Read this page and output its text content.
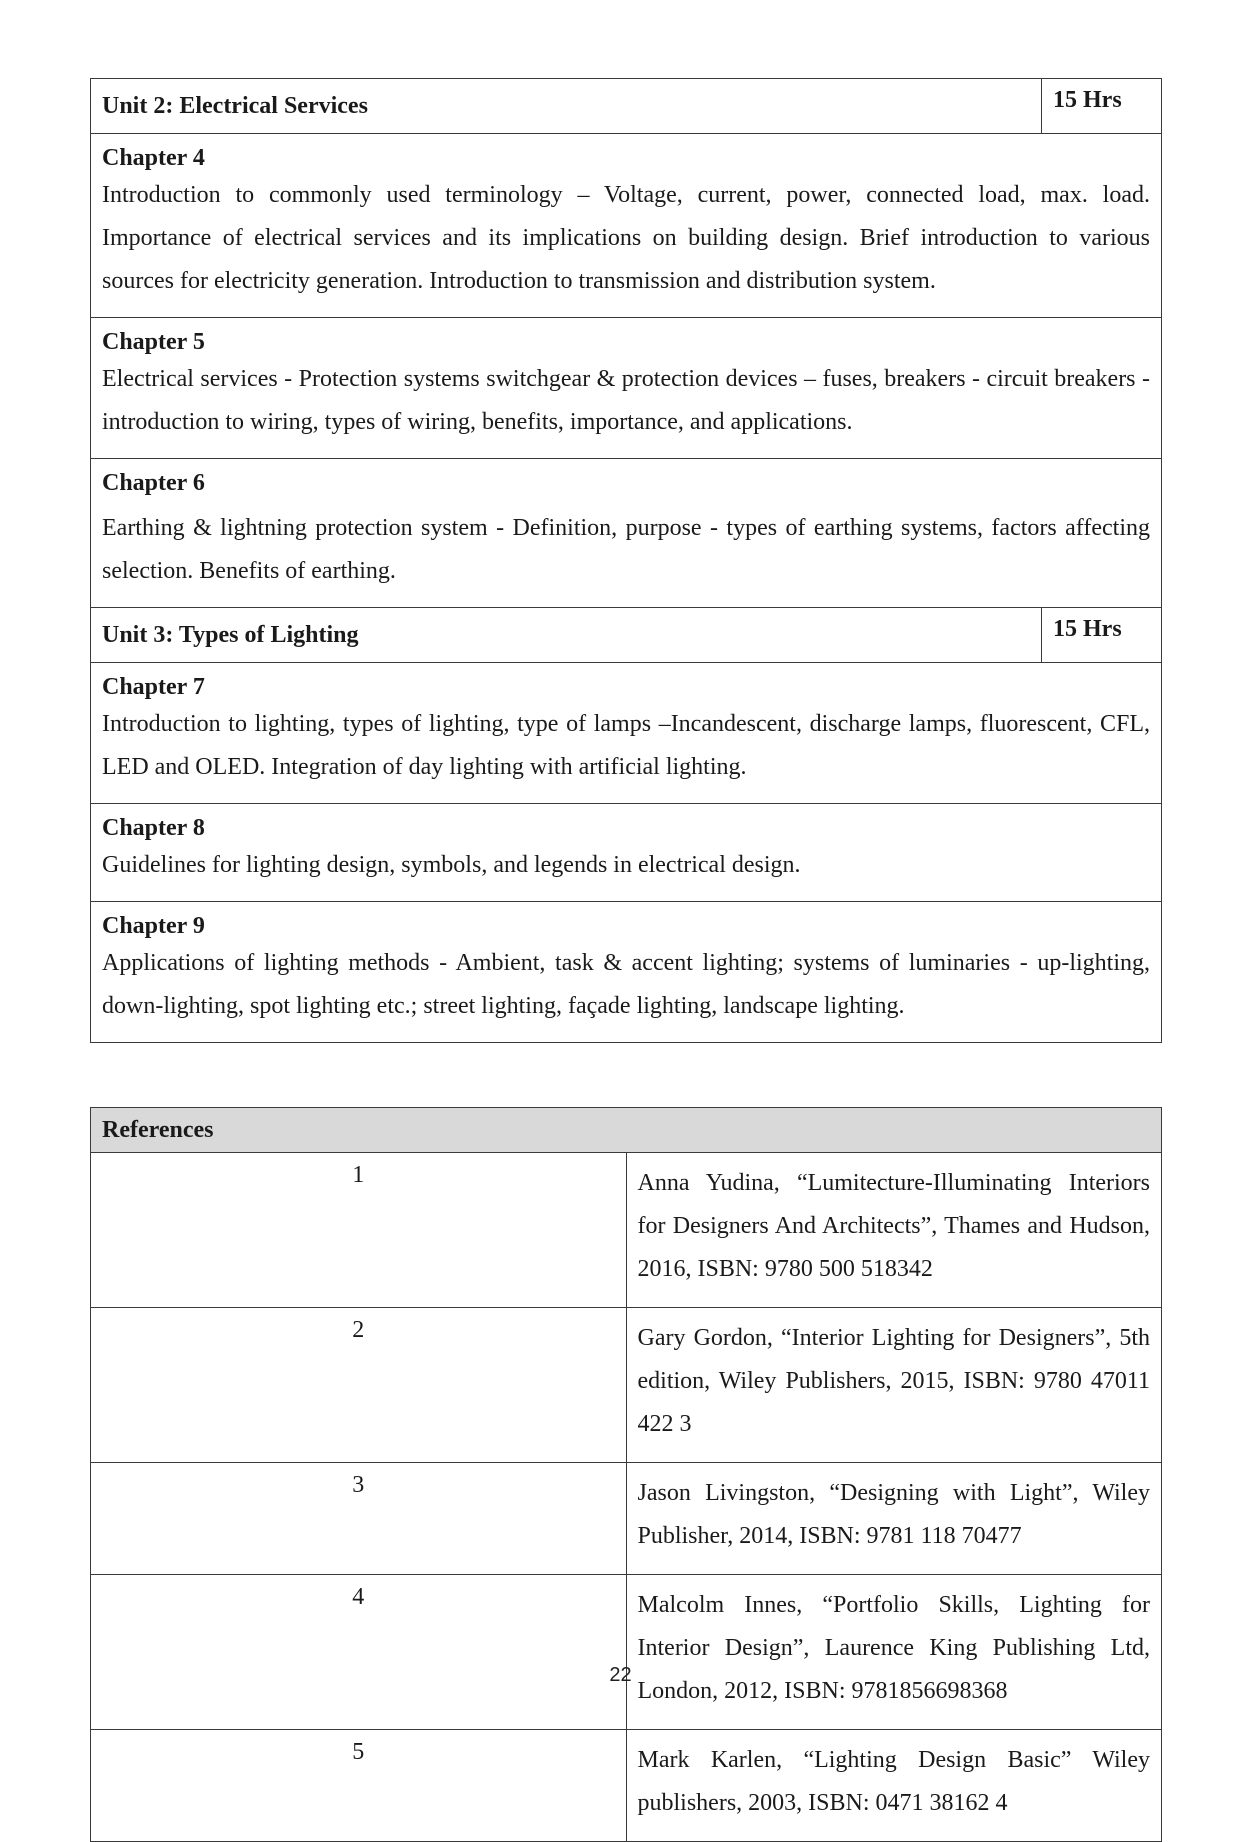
Unit 2: Electrical Services	15 Hrs

Chapter 4
Introduction to commonly used terminology – Voltage, current, power, connected load, max. load. Importance of electrical services and its implications on building design. Brief introduction to various sources for electricity generation. Introduction to transmission and distribution system.	

Chapter 5
Electrical services - Protection systems switchgear & protection devices – fuses, breakers - circuit breakers -introduction to wiring, types of wiring, benefits, importance, and applications.	

Chapter 6
Earthing & lightning protection system - Definition, purpose - types of earthing systems, factors affecting selection. Benefits of earthing.	

Unit 3: Types of Lighting	15 Hrs

Chapter 7
Introduction to lighting, types of lighting, type of lamps –Incandescent, discharge lamps, fluorescent, CFL, LED and OLED. Integration of day lighting with artificial lighting.	

Chapter 8
Guidelines for lighting design, symbols, and legends in electrical design.	

Chapter 9
Applications of lighting methods - Ambient, task & accent lighting; systems of luminaries - up-lighting, down-lighting, spot lighting etc.; street lighting, façade lighting, landscape lighting.	
References	
1	Anna Yudina, “Lumitecture-Illuminating Interiors for Designers And Architects”, Thames and Hudson, 2016, ISBN: 9780 500 518342
2	Gary Gordon, “Interior Lighting for Designers”, 5th edition, Wiley Publishers, 2015, ISBN: 9780 47011 422 3
3	Jason Livingston, “Designing with Light”, Wiley Publisher, 2014, ISBN: 9781 118 70477
4	Malcolm Innes, “Portfolio Skills, Lighting for Interior Design”, Laurence King Publishing Ltd, London, 2012, ISBN: 9781856698368
5	Mark Karlen, “Lighting Design Basic” Wiley publishers, 2003, ISBN: 0471 38162 4
22
